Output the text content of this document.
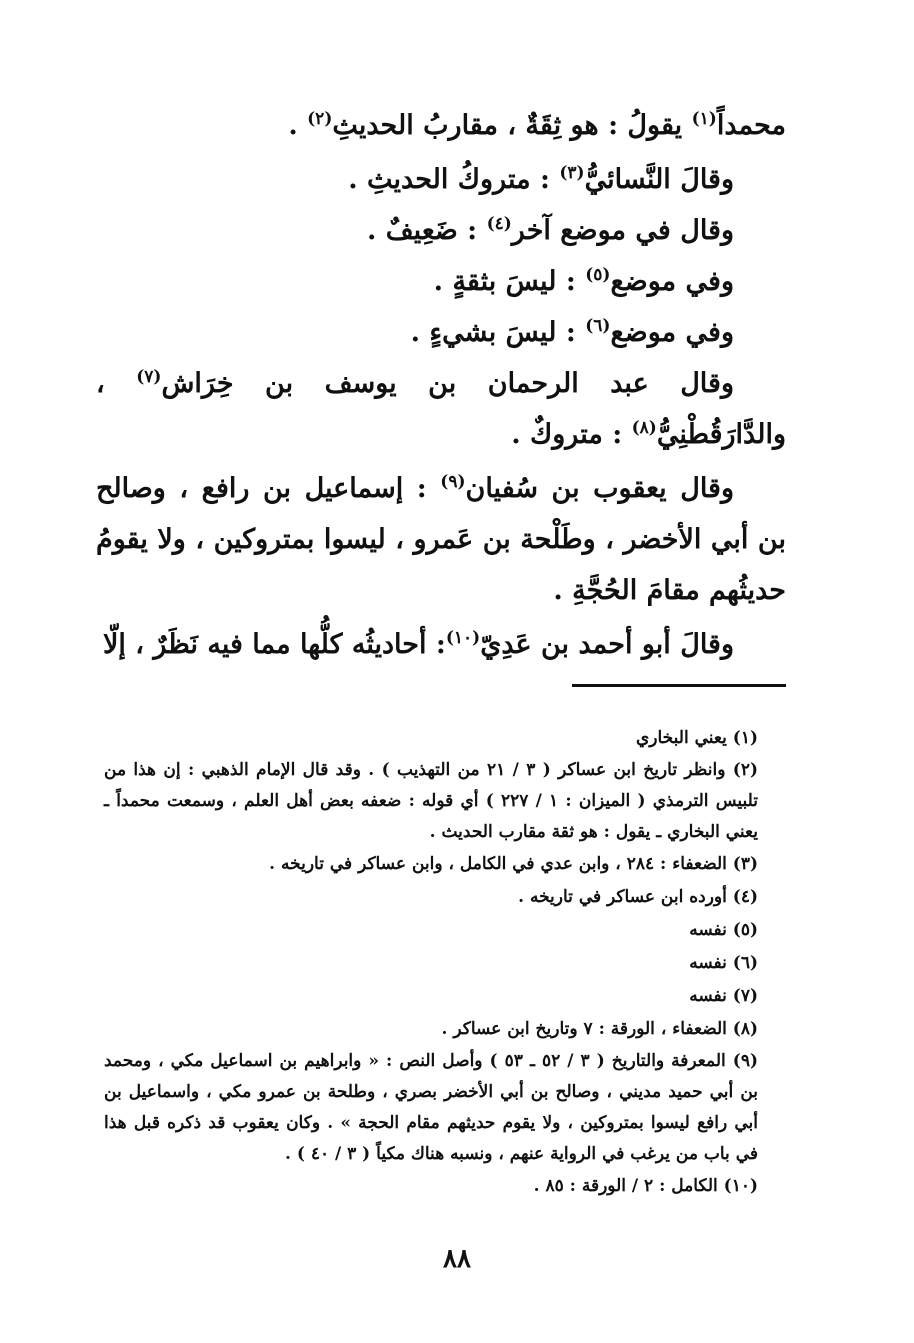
محمداً$^{(١)}$ يقولُ : هو ثِقَةٌ ، مقاربُ الحديثِ$^{(٢)}$ .

وقالَ النَّسائيُّ$^{(٣)}$ : متروكُ الحديثِ .

وقال في موضع آخر$^{(٤)}$ : ضَعِيفٌ .

وفي موضع$^{(٥)}$ : ليسَ بثقةٍ .

وفي موضع$^{(٦)}$ : ليسَ بشيءٍ .

وقال عبد الرحمان بن يوسف بن خِرَاش$^{(٧)}$ ، والدَّارَقُطْنِيُّ$^{(٨)}$ : متروكٌ .

وقال يعقوب بن سُفيان$^{(٩)}$ : إسماعيل بن رافع ، وصالح بن أبي الأخضر ، وطَلْحة بن عَمرو ، ليسوا بمتروكين ، ولا يقومُ حديثُهم مقامَ الحُجَّةِ .

وقالَ أبو أحمد بن عَدِيّ$^{(١٠)}$: أحاديثُه كلُّها مما فيه نَظَرٌ ، إلّا

(١) يعني البخاري

(٢) وانظر تاريخ ابن عساكر ( ٣ / ٢١ من التهذيب ) . وقد قال الإمام الذهبي : إن هذا من تلبيس الترمذي ( الميزان : ١ / ٢٢٧ ) أي قوله : ضعفه بعض أهل العلم ، وسمعت محمداً ـ يعني البخاري ـ يقول : هو ثقة مقارب الحديث .

(٣) الضعفاء : ٢٨٤ ، وابن عدي في الكامل ، وابن عساكر في تاريخه .

(٤) أورده ابن عساكر في تاريخه .

(٥) نفسه

(٦) نفسه

(٧) نفسه

(٨) الضعفاء ، الورقة : ٧ وتاريخ ابن عساكر .

(٩) المعرفة والتاريخ ( ٣ / ٥٢ ـ ٥٣ ) وأصل النص : « وابراهيم بن اسماعيل مكي ، ومحمد بن أبي حميد مديني ، وصالح بن أبي الأخضر بصري ، وطلحة بن عمرو مكي ، واسماعيل بن أبي رافع ليسوا بمتروكين ، ولا يقوم حديثهم مقام الحجة » . وكان يعقوب قد ذكره قبل هذا في باب من يرغب في الرواية عنهم ، ونسبه هناك مكياً ( ٣ / ٤٠ ) .

(١٠) الكامل : ٢ / الورقة : ٨٥ .

٨٨
